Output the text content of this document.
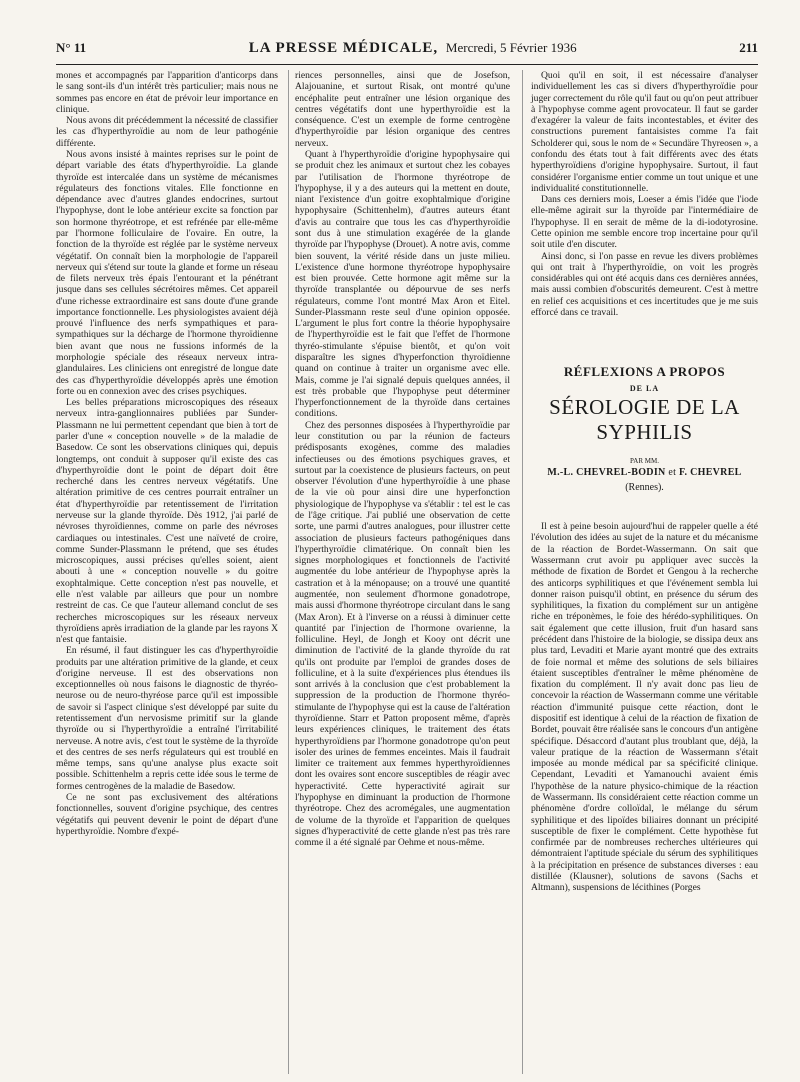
N° 11	LA PRESSE MÉDICALE, Mercredi, 5 Février 1936	211

mones et accompagnés par l'apparition d'anticorps dans le sang sont-ils d'un intérêt très particulier; mais nous ne sommes pas encore en état de prévoir leur importance en clinique.

Nous avons dit précédemment la nécessité de classifier les cas d'hyperthyroïdie au nom de leur pathogénie différente.

Nous avons insisté à maintes reprises sur le point de départ variable des états d'hyperthyroïdie. La glande thyroïde est intercalée dans un système de mécanismes régulateurs des fonctions vitales. Elle fonctionne en dépendance avec d'autres glandes endocrines, surtout l'hypophyse, dont le lobe antérieur excite sa fonction par son hormone thyréotrope, et est refrénée par elle-même par l'hormone folliculaire de l'ovaire. En outre, la fonction de la thyroïde est réglée par le système nerveux végétatif. On connaît bien la morphologie de l'appareil nerveux qui s'étend sur toute la glande et forme un réseau de filets nerveux très épais l'entourant et la pénétrant jusque dans ses cellules sécrétoires mêmes. Cet appareil d'une richesse extraordinaire est sans doute d'une grande importance fonctionnelle. Les physiologistes avaient déjà prouvé l'influence des nerfs sympathiques et para-sympathiques sur la décharge de l'hormone thyroïdienne bien avant que nous ne fussions informés de la morphologie spéciale des réseaux nerveux intra-glandulaires. Les cliniciens ont enregistré de longue date des cas d'hyperthyroïdie développés après une émotion forte ou en connexion avec des crises psychiques.

Les belles préparations microscopiques des réseaux nerveux intra-ganglionnaires publiées par Sunder-Plassmann ne lui permettent cependant que bien à tort de parler d'une « conception nouvelle » de la maladie de Basedow. Ce sont les observations cliniques qui, depuis longtemps, ont conduit à supposer qu'il existe des cas d'hyperthyroïdie dont le point de départ doit être recherché dans les centres nerveux végétatifs. Une altération primitive de ces centres pourrait entraîner un état d'hyperthyroïdie par retentissement de l'irritation nerveuse sur la glande thyroïde. Dès 1912, j'ai parlé de névroses thyroïdiennes, comme on parle des névroses cardiaques ou intestinales. C'est une naïveté de croire, comme Sunder-Plassmann le prétend, que ses études microscopiques, aussi précises qu'elles soient, aient abouti à une « conception nouvelle » du goitre exophtalmique. Cette conception n'est pas nouvelle, et elle n'est valable par ailleurs que pour un nombre restreint de cas. Ce que l'auteur allemand conclut de ses recherches microscopiques sur les réseaux nerveux thyroïdiens après irradiation de la glande par les rayons X n'est que fantaisie.

En résumé, il faut distinguer les cas d'hyperthyroïdie produits par une altération primitive de la glande, et ceux d'origine nerveuse. Il est des observations non exceptionnelles où nous faisons le diagnostic de thyréo-neurose ou de neuro-thyréose parce qu'il est impossible de savoir si l'aspect clinique s'est développé par suite du retentissement d'un nervosisme primitif sur la glande thyroïde ou si l'hyperthyroïdie a entraîné l'irritabilité nerveuse. A notre avis, c'est tout le système de la thyroïde et des centres de ses nerfs régulateurs qui est troublé en même temps, sans qu'une analyse plus exacte soit possible. Schittenhelm a repris cette idée sous le terme de formes centrogènes de la maladie de Basedow.

Ce ne sont pas exclusivement des altérations fonctionnelles, souvent d'origine psychique, des centres végétatifs qui peuvent devenir le point de départ d'une hyperthyroïdie. Nombre d'expé-

riences personnelles, ainsi que de Josefson, Alajouanine, et surtout Risak, ont montré qu'une encéphalite peut entraîner une lésion organique des centres végétatifs dont une hyperthyroïdie est la conséquence. C'est un exemple de forme centrogène d'hyperthyroïdie par lésion organique des centres nerveux.

Quant à l'hyperthyroïdie d'origine hypophysaire qui se produit chez les animaux et surtout chez les cobayes par l'utilisation de l'hormone thyréotrope de l'hypophyse, il y a des auteurs qui la mettent en doute, niant l'existence d'un goitre exophtalmique d'origine hypophysaire (Schittenhelm), d'autres auteurs étant d'avis au contraire que tous les cas d'hyperthyroïdie sont dus à une stimulation exagérée de la glande thyroïde par l'hypophyse (Drouet). A notre avis, comme bien souvent, la vérité réside dans un juste milieu. L'existence d'une hormone thyréotrope hypophysaire est bien prouvée. Cette hormone agit même sur la thyroïde transplantée ou dépourvue de ses nerfs régulateurs, comme l'ont montré Max Aron et Eitel. Sunder-Plassmann reste seul d'une opinion opposée. L'argument le plus fort contre la théorie hypophysaire de l'hyperthyroïdie est le fait que l'effet de l'hormone thyréo-stimulante s'épuise bientôt, et qu'on voit disparaître les signes d'hyperfonction thyroïdienne quand on continue à traiter un organisme avec elle. Mais, comme je l'ai signalé depuis quelques années, il est très probable que l'hypophyse peut déterminer l'hyperfonctionnement de la thyroïde dans certaines conditions.

Chez des personnes disposées à l'hyperthyroïdie par leur constitution ou par la réunion de facteurs prédisposants exogènes, comme des maladies infectieuses ou des émotions psychiques graves, et surtout par la coexistence de plusieurs facteurs, on peut observer l'évolution d'une hyperthyroïdie à une phase de la vie où pour ainsi dire une hyperfonction physiologique de l'hypophyse va s'établir : tel est le cas de l'âge critique. J'ai publié une observation de cette sorte, une parmi d'autres analogues, pour illustrer cette association de plusieurs facteurs pathogéniques dans l'hyperthyroïdie climatérique. On connaît bien les signes morphologiques et fonctionnels de l'activité augmentée du lobe antérieur de l'hypophyse après la castration et à la ménopause; on a trouvé une quantité augmentée, non seulement d'hormone gonadotrope, mais aussi d'hormone thyréotrope circulant dans le sang (Max Aron). Et à l'inverse on a réussi à diminuer cette quantité par l'injection de l'hormone ovarienne, la folliculine. Heyl, de Jongh et Kooy ont décrit une diminution de l'activité de la glande thyroïde du rat qu'ils ont produite par l'emploi de grandes doses de folliculine, et à la suite d'expériences plus étendues ils sont arrivés à la conclusion que c'est probablement la suppression de la production de l'hormone thyréo-stimulante de l'hypophyse qui est la cause de l'altération thyroïdienne. Starr et Patton proposent même, d'après leurs expériences cliniques, le traitement des états hyperthyroïdiens par l'hormone gonadotrope qu'on peut isoler des urines de femmes enceintes. Mais il faudrait limiter ce traitement aux femmes hyperthyroïdiennes dont les ovaires sont encore susceptibles de réagir avec hyperactivité. Cette hyperactivité agirait sur l'hypophyse en diminuant la production de l'hormone thyréotrope. Chez des acromégales, une augmentation de volume de la thyroïde et l'apparition de quelques signes d'hyperactivité de cette glande n'est pas très rare comme il a été signalé par Oehme et nous-même.

Quoi qu'il en soit, il est nécessaire d'analyser individuellement les cas si divers d'hyperthyroïdie pour juger correctement du rôle qu'il faut ou qu'on peut attribuer à l'hypophyse comme agent provocateur. Il faut se garder d'exagérer la valeur de faits incontestables, et éviter des constructions purement fantaisistes comme l'a fait Scholderer qui, sous le nom de « Secundäre Thyreosen », a confondu des états tout à fait différents avec des états hyperthyroïdiens d'origine hypophysaire. Surtout, il faut considérer l'organisme entier comme un tout unique et une individualité constitutionnelle.

Dans ces derniers mois, Loeser a émis l'idée que l'iode elle-même agirait sur la thyroïde par l'intermédiaire de l'hypophyse. Il en serait de même de la di-iodotyrosine. Cette opinion me semble encore trop incertaine pour qu'il soit utile d'en discuter.

Ainsi donc, si l'on passe en revue les divers problèmes qui ont trait à l'hyperthyroïdie, on voit les progrès considérables qui ont été acquis dans ces dernières années, mais aussi combien d'obscurités demeurent. C'est à mettre en relief ces acquisitions et ces incertitudes que je me suis efforcé dans ce travail.

RÉFLEXIONS A PROPOS
DE LA
SÉROLOGIE DE LA SYPHILIS
PAR MM.
M.-L. CHEVREL-BODIN et F. CHEVREL
(Rennes).

Il est à peine besoin aujourd'hui de rappeler quelle a été l'évolution des idées au sujet de la nature et du mécanisme de la réaction de Bordet-Wassermann. On sait que Wassermann crut avoir pu appliquer avec succès la méthode de fixation de Bordet et Gengou à la recherche des anticorps syphilitiques et que l'événement sembla lui donner raison puisqu'il obtint, en présence du sérum des syphilitiques, la fixation du complément sur un antigène riche en tréponèmes, le foie des hérédo-syphilitiques. On sait également que cette illusion, fruit d'un hasard sans précédent dans l'histoire de la biologie, se dissipa deux ans plus tard, Levaditi et Marie ayant montré que des extraits de foie normal et même des solutions de sels biliaires étaient susceptibles d'entraîner le même phénomène de fixation du complément. Il n'y avait donc pas lieu de concevoir la réaction de Wassermann comme une véritable réaction d'immunité puisque cette réaction, dont le dispositif est identique à celui de la réaction de fixation de Bordet, pouvait être réalisée sans le concours d'un antigène spécifique. Désaccord d'autant plus troublant que, déjà, la valeur pratique de la réaction de Wassermann s'était imposée au monde médical par sa spécificité clinique. Cependant, Levaditi et Yamanouchi avaient émis l'hypothèse de la nature physico-chimique de la réaction de Wassermann. Ils considéraient cette réaction comme un phénomène d'ordre colloïdal, le mélange du sérum syphilitique et des lipoïdes biliaires donnant un précipité susceptible de fixer le complément. Cette hypothèse fut confirmée par de nombreuses recherches ultérieures qui démontraient l'aptitude spéciale du sérum des syphilitiques à la précipitation en présence de substances diverses : eau distillée (Klausner), solutions de savons (Sachs et Altmann), suspensions de lécithines (Porges
